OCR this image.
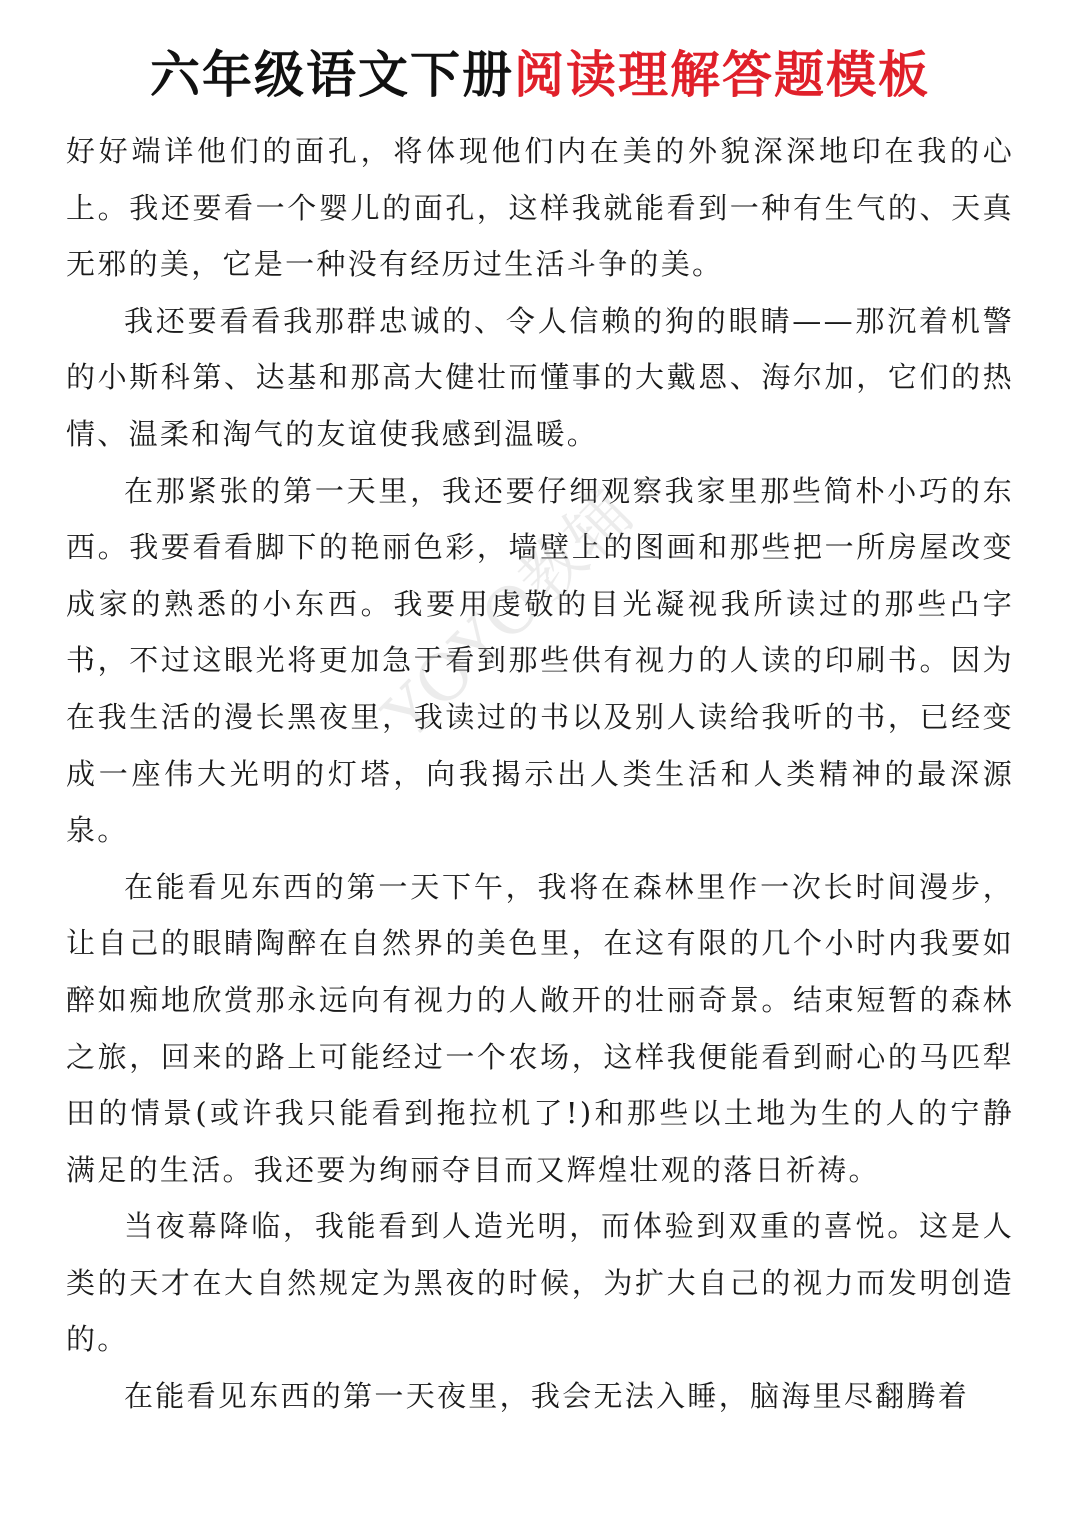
六年级语文下册阅读理解答题模板

好好端详他们的面孔，将体现他们内在美的外貌深深地印在我的心上。我还要看一个婴儿的面孔，这样我就能看到一种有生气的、天真无邪的美，它是一种没有经历过生活斗争的美。

我还要看看我那群忠诚的、令人信赖的狗的眼睛——那沉着机警的小斯科第、达基和那高大健壮而懂事的大戴恩、海尔加，它们的热情、温柔和淘气的友谊使我感到温暖。

在那紧张的第一天里，我还要仔细观察我家里那些简朴小巧的东西。我要看看脚下的艳丽色彩，墙壁上的图画和那些把一所房屋改变成家的熟悉的小东西。我要用虔敬的目光凝视我所读过的那些凸字书，不过这眼光将更加急于看到那些供有视力的人读的印刷书。因为在我生活的漫长黑夜里，我读过的书以及别人读给我听的书，已经变成一座伟大光明的灯塔，向我揭示出人类生活和人类精神的最深源泉。

在能看见东西的第一天下午，我将在森林里作一次长时间漫步，让自己的眼睛陶醉在自然界的美色里，在这有限的几个小时内我要如醉如痴地欣赏那永远向有视力的人敞开的壮丽奇景。结束短暂的森林之旅，回来的路上可能经过一个农场，这样我便能看到耐心的马匹犁田的情景(或许我只能看到拖拉机了!)和那些以土地为生的人的宁静满足的生活。我还要为绚丽夺目而又辉煌壮观的落日祈祷。

当夜幕降临，我能看到人造光明，而体验到双重的喜悦。这是人类的天才在大自然规定为黑夜的时候，为扩大自己的视力而发明创造的。

在能看见东西的第一天夜里，我会无法入睡，脑海里尽翻腾着

YOYO教辅
